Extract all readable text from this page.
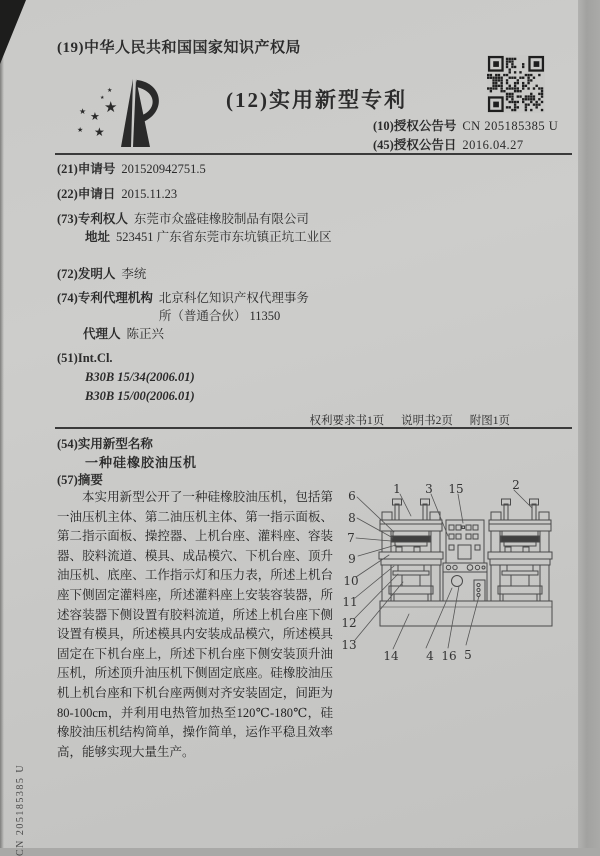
(19)中华人民共和国国家知识产权局
★
★
★
★
★
★
★	(12)实用新型专利
(10)授权公告号 CN 205185385 U
(45)授权公告日 2016.04.27
(21)申请号 201520942751.5
(22)申请日 2015.11.23
(73)专利权人 东莞市众盛硅橡胶制品有限公司
地址 523451 广东省东莞市东坑镇正坑工业区
(72)发明人 李统
(74)专利代理机构 北京科亿知识产权代理事务所（普通合伙） 11350
代理人 陈正兴
(51)Int.Cl.
B30B 15/34(2006.01)
B30B 15/00(2006.01)
权利要求书1页 说明书2页 附图1页
(54)实用新型名称
一种硅橡胶油压机
(57)摘要
本实用新型公开了一种硅橡胶油压机，包括第一油压机主体、第二油压机主体、第一指示面板、第二指示面板、操控器、上机台座、灌料座、容装器、胶料流道、模具、成品模穴、下机台座、顶升油压机、底座、工作指示灯和压力表，所述上机台座下侧固定灌料座，所述灌料座上安装容装器，所述容装器下侧设置有胶料流道，所述上机台座下侧设置有模具，所述模具内安装成品模穴，所述模具固定在下机台座上，所述下机台座下侧安装顶升油压机，所述顶升油压机下侧固定底座。硅橡胶油压机上机台座和下机台座两侧对齐安装固定，间距为80-100cm，并利用电热管加热至120℃-180℃，硅橡胶油压机结构简单，操作简单，运作平稳且效率高，能够实现大量生产。
1	2
3
4	5
6
7
8
9
10
11
12
13
14
15
16
CN 205185385 U
